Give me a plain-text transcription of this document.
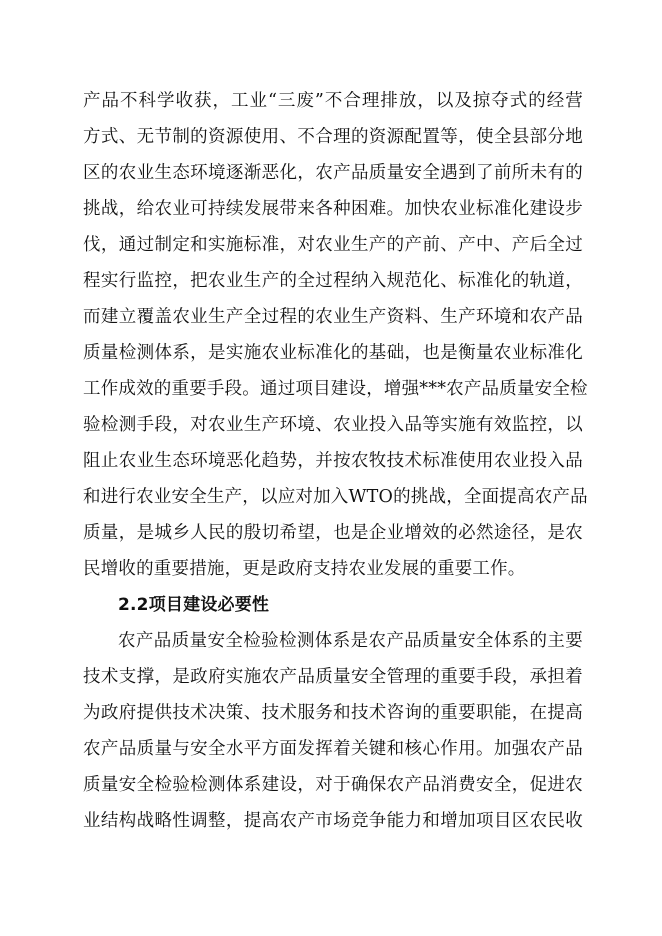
产品不科学收获，工业“三废”不合理排放，以及掠夺式的经营
方式、无节制的资源使用、不合理的资源配置等，使全县部分地
区的农业生态环境逐渐恶化，农产品质量安全遇到了前所未有的
挑战，给农业可持续发展带来各种困难。加快农业标准化建设步
伐，通过制定和实施标准，对农业生产的产前、产中、产后全过
程实行监控，把农业生产的全过程纳入规范化、标准化的轨道，
而建立覆盖农业生产全过程的农业生产资料、生产环境和农产品
质量检测体系，是实施农业标准化的基础，也是衡量农业标准化
工作成效的重要手段。通过项目建设，增强***农产品质量安全检
验检测手段，对农业生产环境、农业投入品等实施有效监控，以
阻止农业生态环境恶化趋势，并按农牧技术标准使用农业投入品
和进行农业安全生产，以应对加入WTO的挑战，全面提高农产品
质量，是城乡人民的殷切希望，也是企业增效的必然途径，是农
民增收的重要措施，更是政府支持农业发展的重要工作。
2.2项目建设必要性
农产品质量安全检验检测体系是农产品质量安全体系的主要
技术支撑，是政府实施农产品质量安全管理的重要手段，承担着
为政府提供技术决策、技术服务和技术咨询的重要职能，在提高
农产品质量与安全水平方面发挥着关键和核心作用。加强农产品
质量安全检验检测体系建设，对于确保农产品消费安全，促进农
业结构战略性调整，提高农产市场竞争能力和增加项目区农民收
